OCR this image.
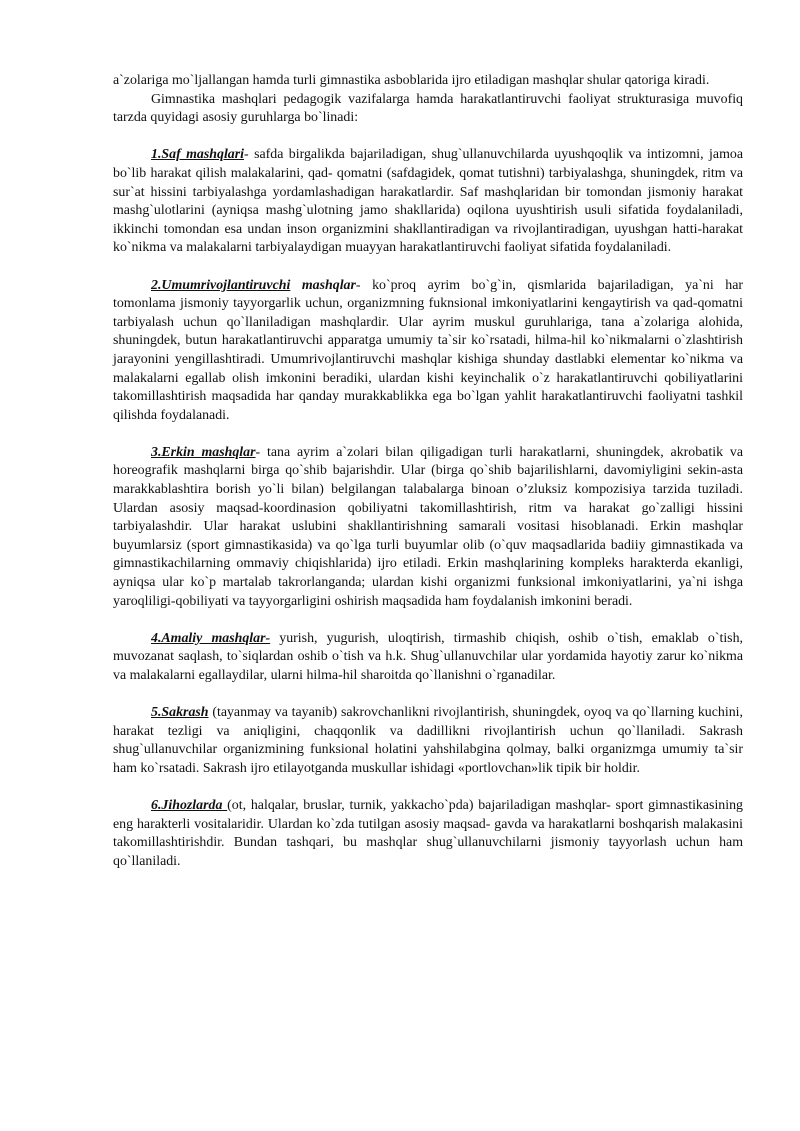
a`zolariga mo`ljallangan hamda turli gimnastika asboblarida ijro etiladigan mashqlar shular qatoriga kiradi.

Gimnastika mashqlari pedagogik vazifalarga hamda harakatlantiruvchi faoliyat strukturasiga muvofiq tarzda quyidagi asosiy guruhlarga bo`linadi:

1.Saf mashqlari- safda birgalikda bajariladigan, shug`ullanuvchilarda uyushqoqlik va intizomni, jamoa bo`lib harakat qilish malakalarini, qad- qomatni (safdagidek, qomat tutishni) tarbiyalashga, shuningdek, ritm va sur`at hissini tarbiyalashga yordamlashadigan harakatlardir. Saf mashqlaridan bir tomondan jismoniy harakat mashg`ulotlarini (ayniqsa mashg`ulotning jamo shakllarida) oqilona uyushtirish usuli sifatida foydalaniladi, ikkinchi tomondan esa undan inson organizmini shakllantiradigan va rivojlantiradigan, uyushgan hatti-harakat ko`nikma va malakalarni tarbiyalaydigan muayyan harakatlantiruvchi faoliyat sifatida foydalaniladi.

2.Umumrivojlantiruvchi mashqlar- ko`proq ayrim bo`g`in, qismlarida bajariladigan, ya`ni har tomonlama jismoniy tayyorgarlik uchun, organizmning fuknsional imkoniyatlarini kengaytirish va qad-qomatni tarbiyalash uchun qo`llaniladigan mashqlardir. Ular ayrim muskul guruhlariga, tana a`zolariga alohida, shuningdek, butun harakatlantiruvchi apparatga umumiy ta`sir ko`rsatadi, hilma-hil ko`nikmalarni o`zlashtirish jarayonini yengillashtiradi. Umumrivojlantiruvchi mashqlar kishiga shunday dastlabki elementar ko`nikma va malakalarni egallab olish imkonini beradiki, ulardan kishi keyinchalik o`z harakatlantiruvchi qobiliyatlarini takomillashtirish maqsadida har qanday murakkablikka ega bo`lgan yahlit harakatlantiruvchi faoliyatni tashkil qilishda foydalanadi.

3.Erkin mashqlar- tana ayrim a`zolari bilan qiligadigan turli harakatlarni, shuningdek, akrobatik va horeografik mashqlarni birga qo`shib bajarishdir. Ular (birga qo`shib bajarilishlarni, davomiyligini sekin-asta marakkablashtira borish yo`li bilan) belgilangan talabalarga binoan o’zluksiz kompozisiya tarzida tuziladi. Ulardan asosiy maqsad-koordinasion qobiliyatni takomillashtirish, ritm va harakat go`zalligi hissini tarbiyalashdir. Ular harakat uslubini shakllantirishning samarali vositasi hisoblanadi. Erkin mashqlar buyumlarsiz (sport gimnastikasida) va qo`lga turli buyumlar olib (o`quv maqsadlarida badiiy gimnastikada va gimnastikachilarning ommaviy chiqishlarida) ijro etiladi. Erkin mashqlarining kompleks harakterda ekanligi, ayniqsa ular ko`p martalab takrorlanganda; ulardan kishi organizmi funksional imkoniyatlarini, ya`ni ishga yaroqliligi-qobiliyati va tayyorgarligini oshirish maqsadida ham foydalanish imkonini beradi.

4.Amaliy mashqlar- yurish, yugurish, uloqtirish, tirmashib chiqish, oshib o`tish, emaklab o`tish, muvozanat saqlash, to`siqlardan oshib o`tish va h.k. Shug`ullanuvchilar ular yordamida hayotiy zarur ko`nikma va malakalarni egallaydilar, ularni hilma-hil sharoitda qo`llanishni o`rganadilar.

5.Sakrash (tayanmay va tayanib) sakrovchanlikni rivojlantirish, shuningdek, oyoq va qo`llarning kuchini, harakat tezligi va aniqligini, chaqqonlik va dadillikni rivojlantirish uchun qo`llaniladi. Sakrash shug`ullanuvchilar organizmining funksional holatini yahshilabgina qolmay, balki organizmga umumiy ta`sir ham ko`rsatadi. Sakrash ijro etilayotganda muskullar ishidagi «portlovchan»lik tipik bir holdir.

6.Jihozlarda (ot, halqalar, bruslar, turnik, yakkacho`pda) bajariladigan mashqlar- sport gimnastikasining eng harakterli vositalaridir. Ulardan ko`zda tutilgan asosiy maqsad- gavda va harakatlarni boshqarish malakasini takomillashtirishdir. Bundan tashqari, bu mashqlar shug`ullanuvchilarni jismoniy tayyorlash uchun ham qo`llaniladi.
